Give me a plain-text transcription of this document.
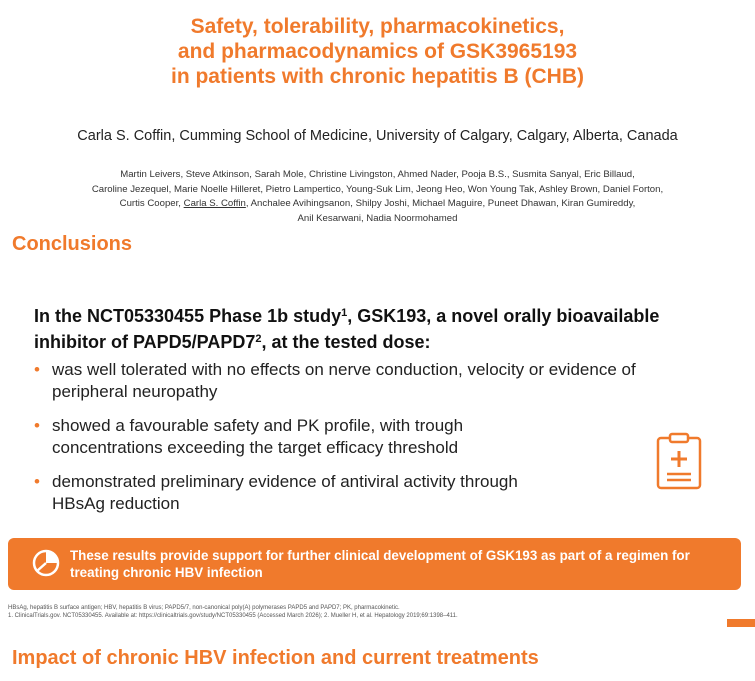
Safety, tolerability, pharmacokinetics,
and pharmacodynamics of GSK3965193
in patients with chronic hepatitis B (CHB)
Carla S. Coffin, Cumming School of Medicine, University of Calgary, Calgary, Alberta, Canada
Martin Leivers, Steve Atkinson, Sarah Mole, Christine Livingston, Ahmed Nader, Pooja B.S., Susmita Sanyal, Eric Billaud,
Caroline Jezequel, Marie Noelle Hilleret, Pietro Lampertico, Young-Suk Lim, Jeong Heo, Won Young Tak, Ashley Brown, Daniel Forton,
Curtis Cooper, Carla S. Coffin, Anchalee Avihingsanon, Shilpy Joshi, Michael Maguire, Puneet Dhawan, Kiran Gumireddy,
Anil Kesarwani, Nadia Noormohamed
Conclusions
In the NCT05330455 Phase 1b study$^1$, GSK193, a novel orally bioavailable inhibitor of $PAPD5/PAPD7^2$, at the tested dose:
• was well tolerated with no effects on nerve conduction, velocity or evidence of peripheral neuropathy
• showed a favourable safety and PK profile, with trough concentrations exceeding the target efficacy threshold
• demonstrated preliminary evidence of antiviral activity through HBsAg reduction
These results provide support for further clinical development of GSK193 as part of a regimen for treating chronic HBV infection
HBsAg, hepatitis B surface antigen; HBV, hepatitis B virus; PAPD5/7, non-canonical poly(A) polymerases PAPD5 and PAPD7; PK, pharmacokinetic.
1. ClinicalTrials.gov. NCT05330455. Available at: https://clinicaltrials.gov/study/NCT05330455 (Accessed March 2026); 2. Mueller H, et al. Hepatology 2019;69:1398–411.
Impact of chronic HBV infection and current treatments
